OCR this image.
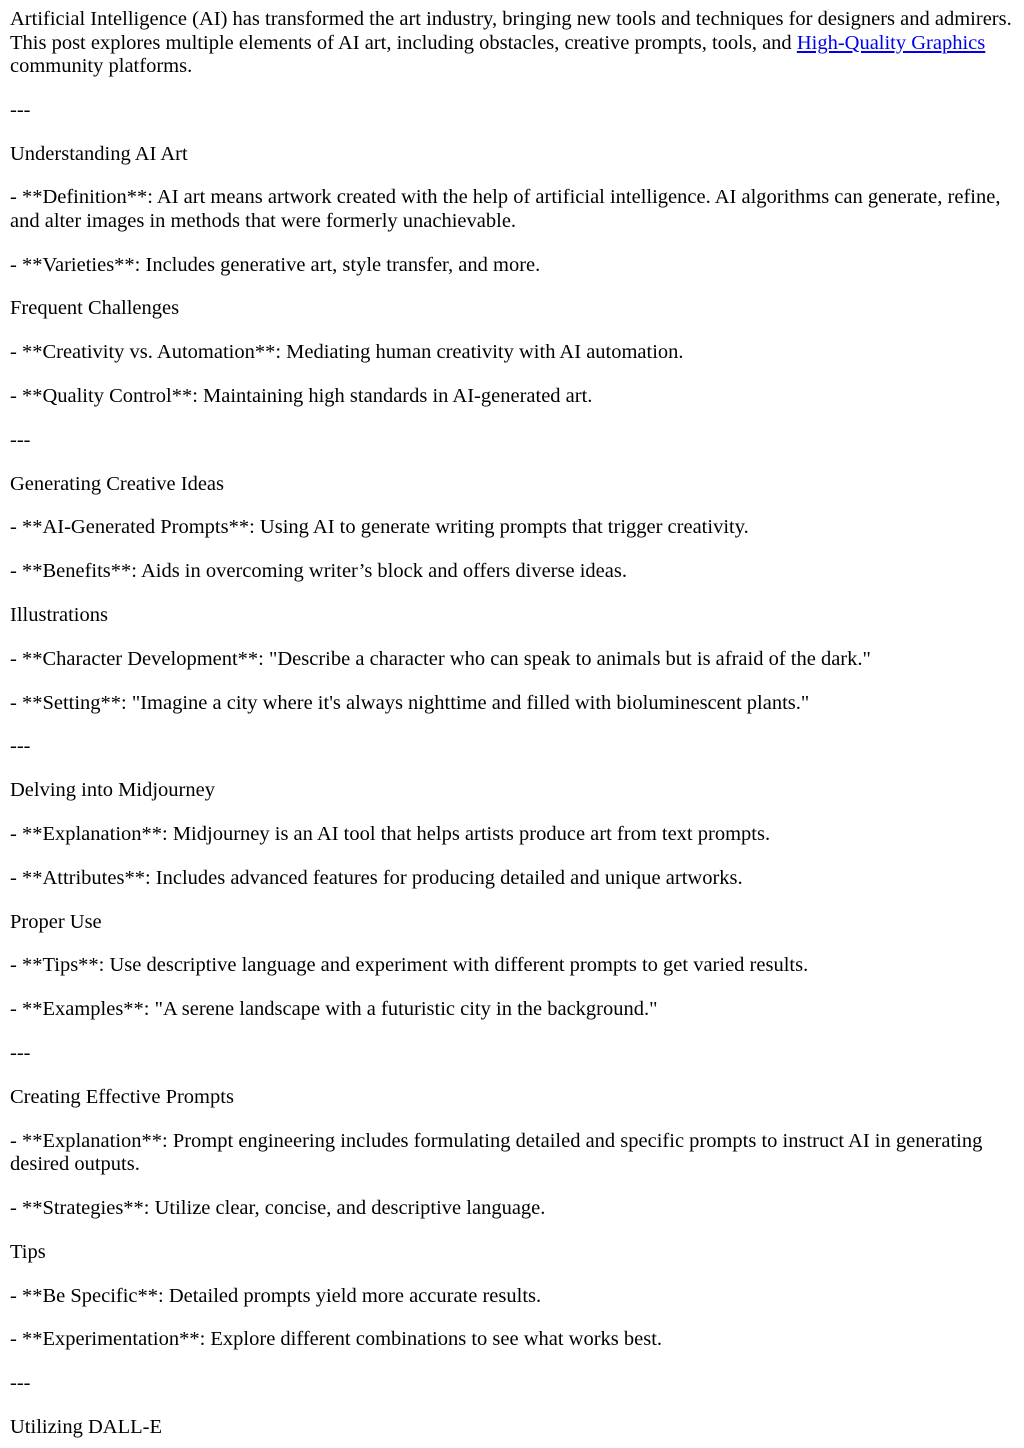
Artificial Intelligence (AI) has transformed the art industry, bringing new tools and techniques for designers and admirers. This post explores multiple elements of AI art, including obstacles, creative prompts, tools, and High-Quality Graphics community platforms.

---

Understanding AI Art

- **Definition**: AI art means artwork created with the help of artificial intelligence. AI algorithms can generate, refine, and alter images in methods that were formerly unachievable.

- **Varieties**: Includes generative art, style transfer, and more.

Frequent Challenges

- **Creativity vs. Automation**: Mediating human creativity with AI automation.

- **Quality Control**: Maintaining high standards in AI-generated art.

---

Generating Creative Ideas

- **AI-Generated Prompts**: Using AI to generate writing prompts that trigger creativity.

- **Benefits**: Aids in overcoming writer’s block and offers diverse ideas.

Illustrations

- **Character Development**: "Describe a character who can speak to animals but is afraid of the dark."

- **Setting**: "Imagine a city where it's always nighttime and filled with bioluminescent plants."

---

Delving into Midjourney

- **Explanation**: Midjourney is an AI tool that helps artists produce art from text prompts.

- **Attributes**: Includes advanced features for producing detailed and unique artworks.

Proper Use

- **Tips**: Use descriptive language and experiment with different prompts to get varied results.

- **Examples**: "A serene landscape with a futuristic city in the background."

---

Creating Effective Prompts

- **Explanation**: Prompt engineering includes formulating detailed and specific prompts to instruct AI in generating desired outputs.

- **Strategies**: Utilize clear, concise, and descriptive language.

Tips

- **Be Specific**: Detailed prompts yield more accurate results.

- **Experimentation**: Explore different combinations to see what works best.

---

Utilizing DALL-E
